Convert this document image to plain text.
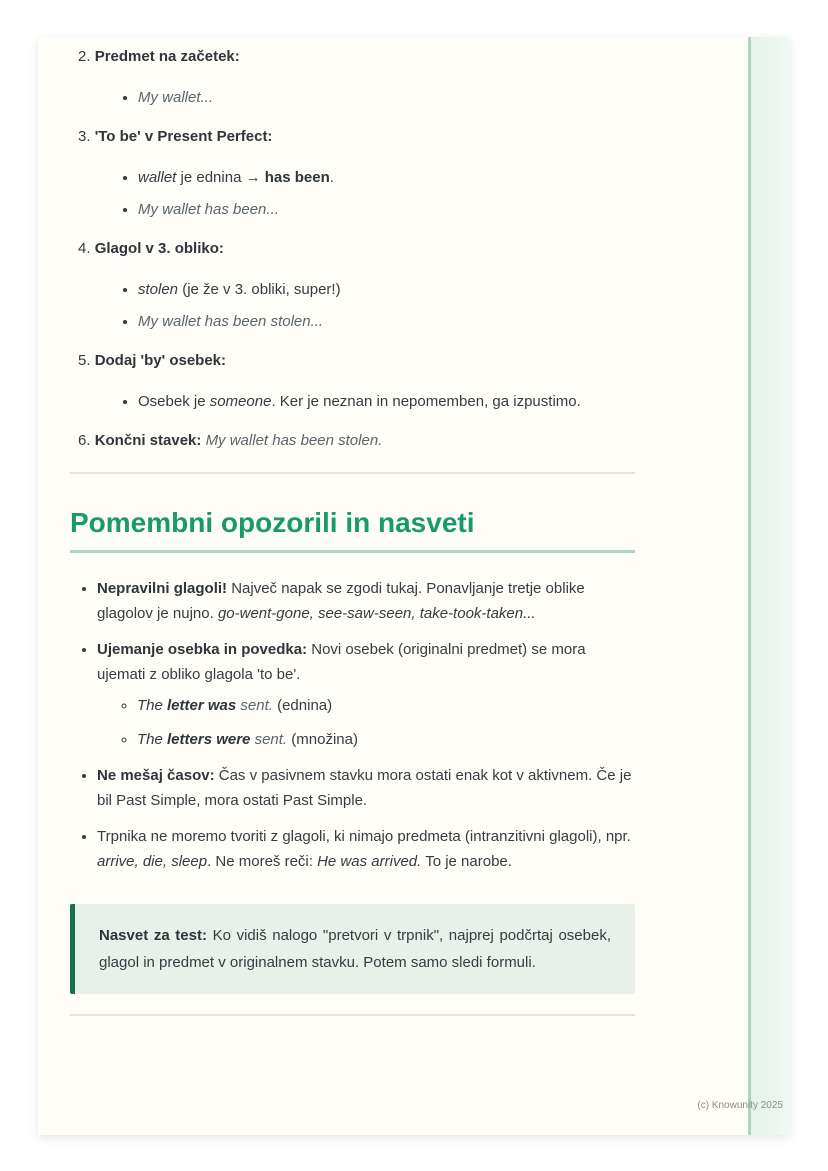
2. Predmet na začetek:
• My wallet...
3. 'To be' v Present Perfect:
• wallet je ednina → has been.
• My wallet has been...
4. Glagol v 3. obliko:
• stolen (je že v 3. obliki, super!)
• My wallet has been stolen...
5. Dodaj 'by' osebek:
• Osebek je someone. Ker je neznan in nepomemben, ga izpustimo.
6. Končni stavek: My wallet has been stolen.
Pomembni opozorili in nasveti
• Nepravilni glagoli! Največ napak se zgodi tukaj. Ponavljanje tretje oblike glagolov je nujno. go-went-gone, see-saw-seen, take-took-taken...
• Ujemanje osebka in povedka: Novi osebek (originalni predmet) se mora ujemati z obliko glagola 'to be'.
◦ The letter was sent. (ednina)
◦ The letters were sent. (množina)
• Ne mešaj časov: Čas v pasivnem stavku mora ostati enak kot v aktivnem. Če je bil Past Simple, mora ostati Past Simple.
• Trpnika ne moremo tvoriti z glagoli, ki nimajo predmeta (intranzitivni glagoli), npr. arrive, die, sleep. Ne moreš reči: He was arrived. To je narobe.

Nasvet za test: Ko vidiš nalogo "pretvori v trpnik", najprej podčrtaj osebek, glagol in predmet v originalnem stavku. Potem samo sledi formuli.

(c) Knowunity 2025
